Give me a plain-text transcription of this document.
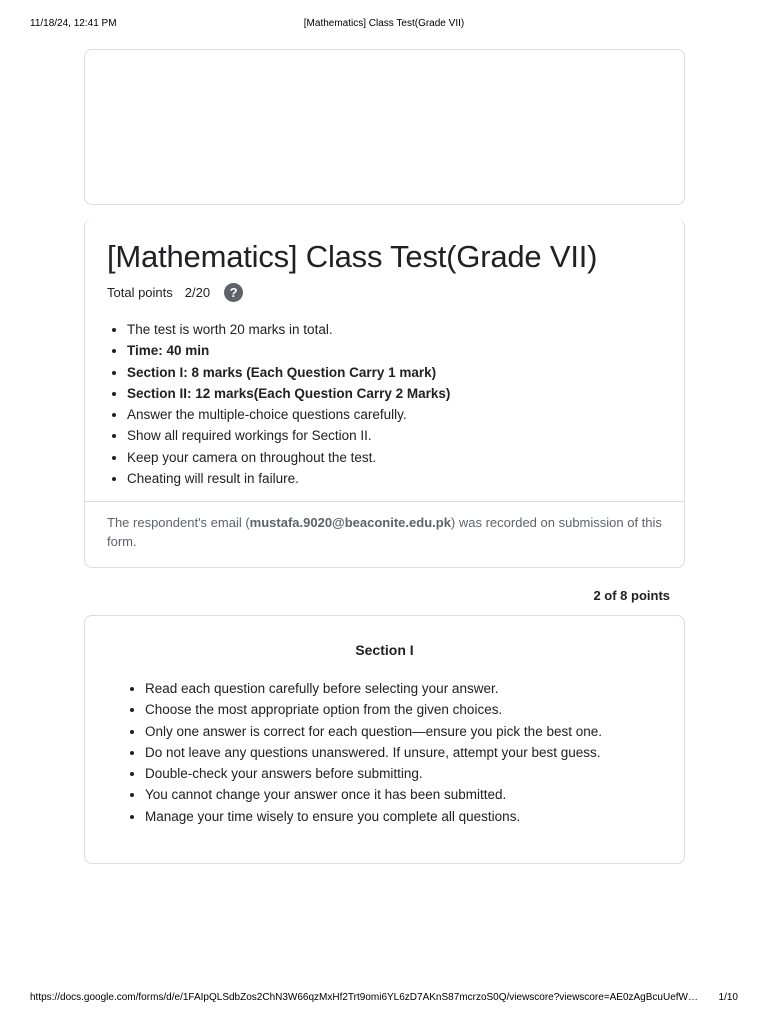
11/18/24, 12:41 PM	[Mathematics] Class Test(Grade VII)
[Mathematics] Class Test(Grade VII)
Total points 2/20	?
• The test is worth 20 marks in total.
• Time: 40 min
• Section I: 8 marks (Each Question Carry 1 mark)
• Section II: 12 marks(Each Question Carry 2 Marks)
• Answer the multiple-choice questions carefully.
• Show all required workings for Section II.
• Keep your camera on throughout the test.
• Cheating will result in failure.
The respondent's email (mustafa.9020@beaconite.edu.pk) was recorded on submission of this form.
2 of 8 points
Section I
• Read each question carefully before selecting your answer.
• Choose the most appropriate option from the given choices.
• Only one answer is correct for each question—ensure you pick the best one.
• Do not leave any questions unanswered. If unsure, attempt your best guess.
• Double-check your answers before submitting.
• You cannot change your answer once it has been submitted.
• Manage your time wisely to ensure you complete all questions.
https://docs.google.com/forms/d/e/1FAIpQLSdbZos2ChN3W66qzMxHf2Trt9omi6YL6zD7AKnS87mcrzoS0Q/viewscore?viewscore=AE0zAgBcuUefW…	1/10
